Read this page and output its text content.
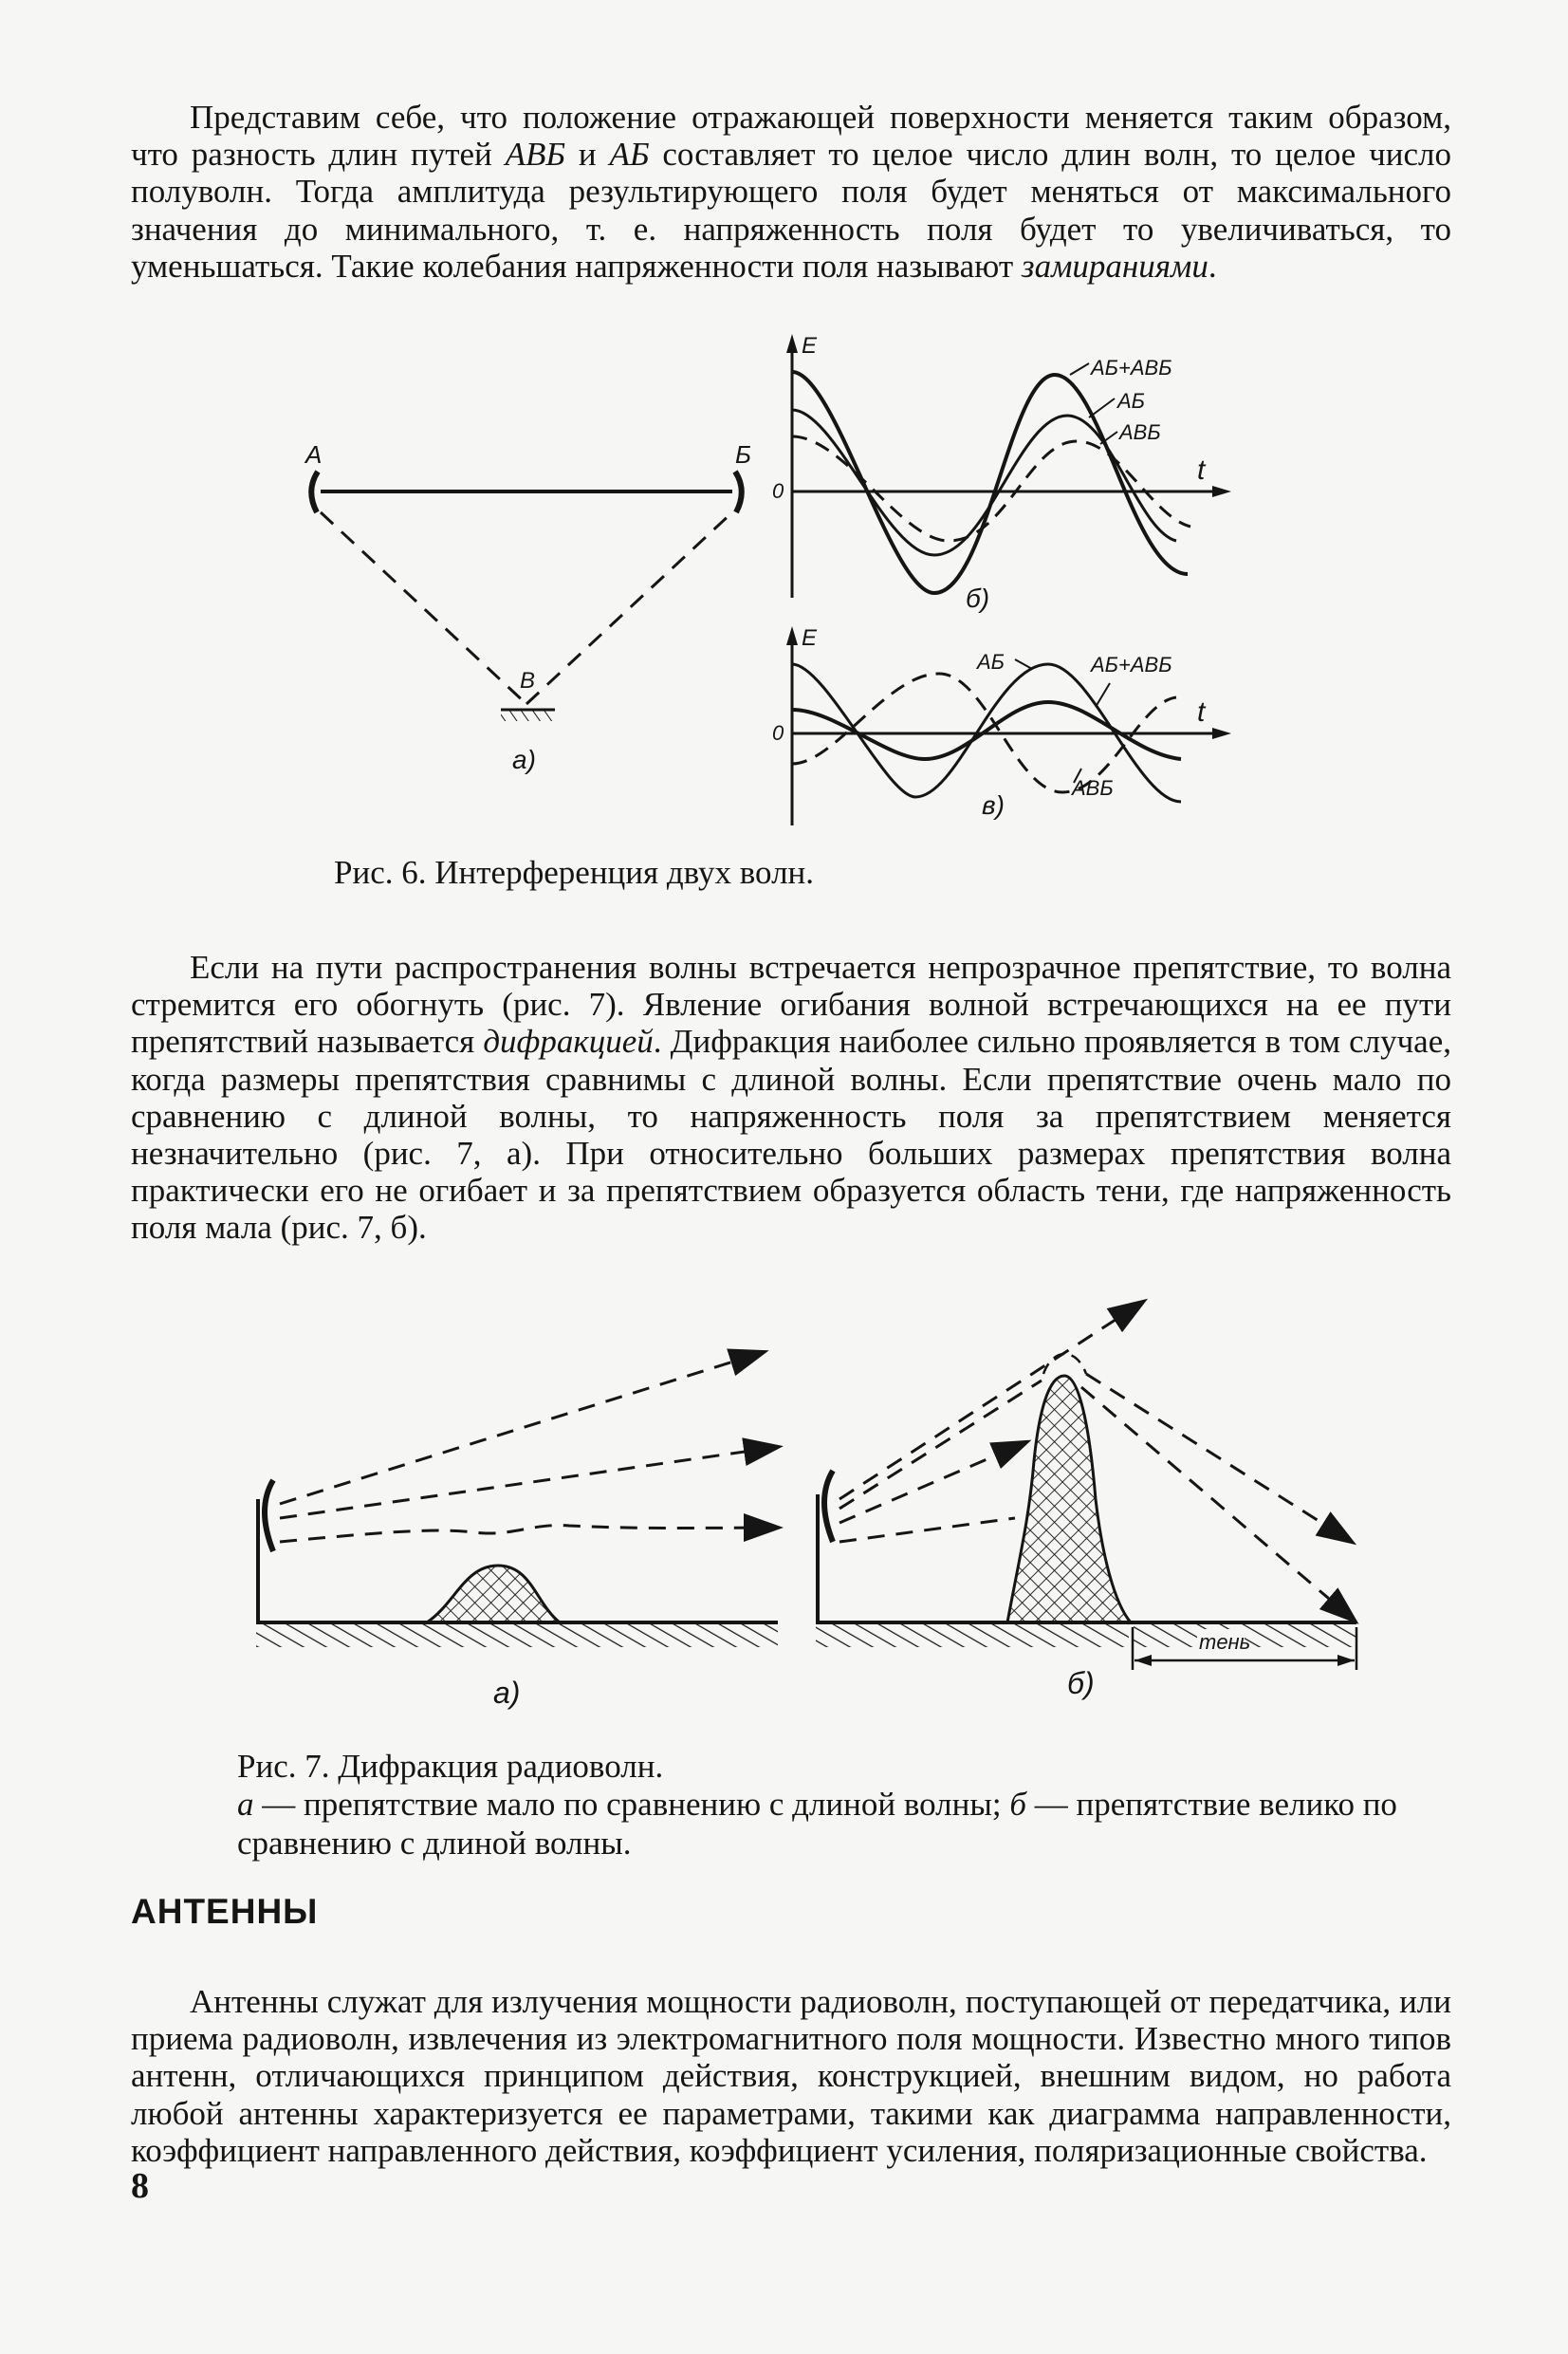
Представим себе, что положение отражающей поверхности меняется таким образом, что разность длин путей АВБ и АБ составляет то целое число длин волн, то целое число полуволн. Тогда амплитуда результирующего поля будет меняться от максимального значения до минимального, т. е. напряженность поля будет то увеличиваться, то уменьшаться. Такие колебания напряженности поля называют замираниями.
А	Б
В
а)
E
t
0
АБ+АВБ
АБ
АВБ
б)
E
t
0
АБ	АБ+АВБ
АВБ
в)
Рис. 6. Интерференция двух волн.
Если на пути распространения волны встречается непрозрачное препятствие, то волна стремится его обогнуть (рис. 7). Явление огибания волной встречающихся на ее пути препятствий называется дифракцией. Дифракция наиболее сильно проявляется в том случае, когда размеры препятствия сравнимы с длиной волны. Если препятствие очень мало по сравнению с длиной волны, то напряженность поля за препятствием меняется незначительно (рис. 7, а). При относительно больших размерах препятствия волна практически его не огибает и за препятствием образуется область тени, где напряженность поля мала (рис. 7, б).
а)
тень
б)
Рис. 7. Дифракция радиоволн.
а — препятствие мало по сравнению с длиной волны; б — препятствие велико по сравнению с длиной волны.
АНТЕННЫ
Антенны служат для излучения мощности радиоволн, поступающей от передатчика, или приема радиоволн, извлечения из электромагнитного поля мощности. Известно много типов антенн, отличающихся принципом действия, конструкцией, внешним видом, но работа любой антенны характеризуется ее параметрами, такими как диаграмма направленности, коэффициент направленного действия, коэффициент усиления, поляризационные свойства.
8
